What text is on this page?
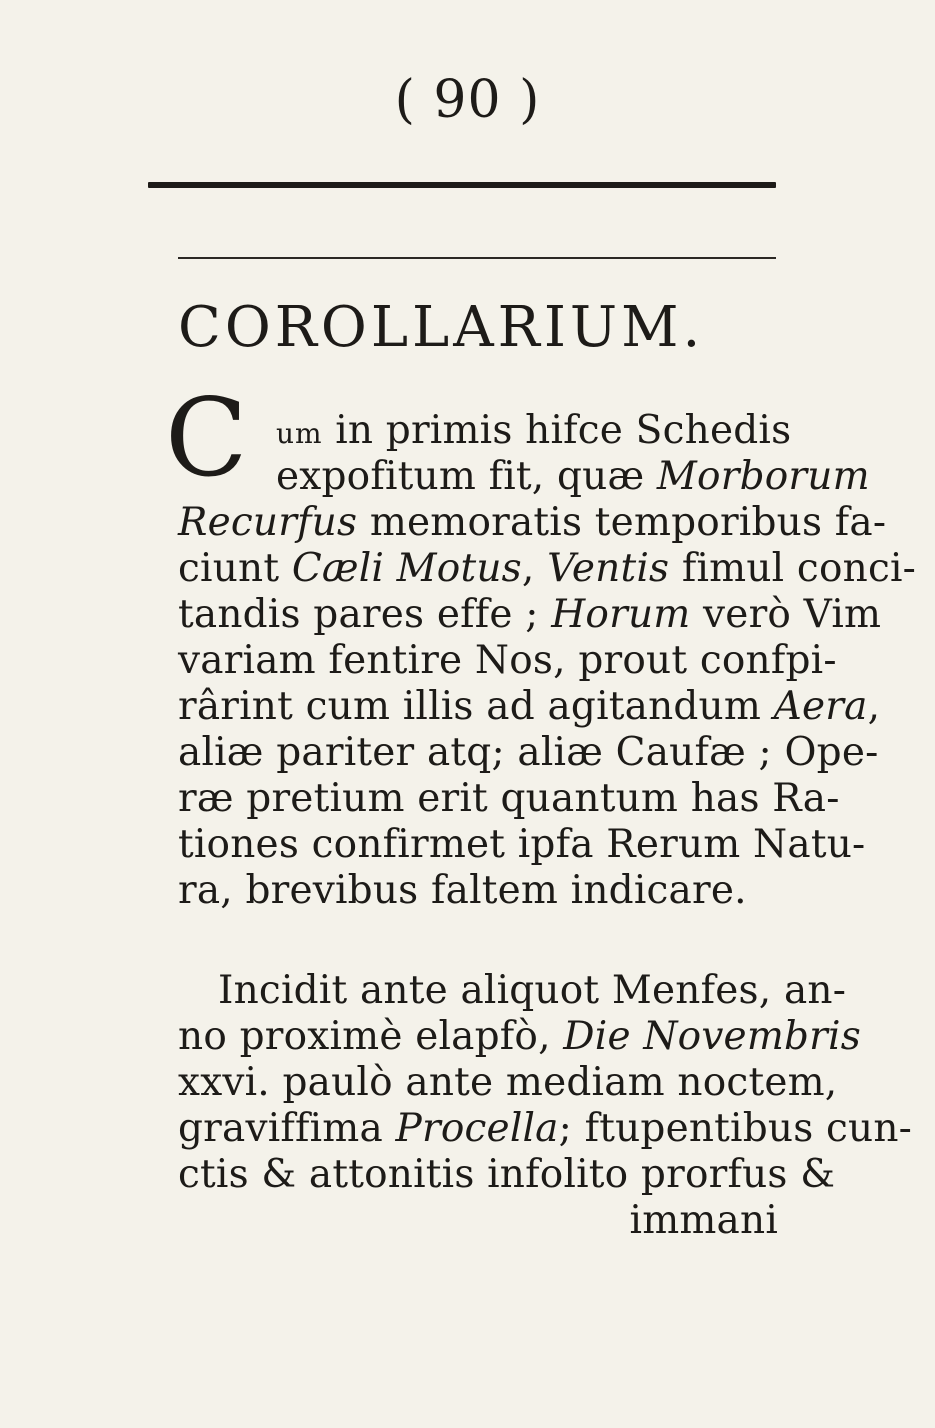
( 90 )
COROLLARIUM.
C	um in primis hifce Schedis
expofitum fit, quæ Morborum
Recurfus memoratis temporibus fa-
ciunt Cæli Motus, Ventis fimul conci-
tandis pares effe ; Horum verò Vim
variam fentire Nos, prout confpi-
rârint cum illis ad agitandum Aera,
aliæ pariter atq; aliæ Caufæ ; Ope-
ræ pretium erit quantum has Ra-
tiones confirmet ipfa Rerum Natu-
ra, brevibus faltem indicare.
Incidit ante aliquot Menfes, an-
no proximè elapfò, Die Novembris
xxvi. paulò ante mediam noctem,
graviffima Procella; ftupentibus cun-
ctis & attonitis infolito prorfus &
immani
